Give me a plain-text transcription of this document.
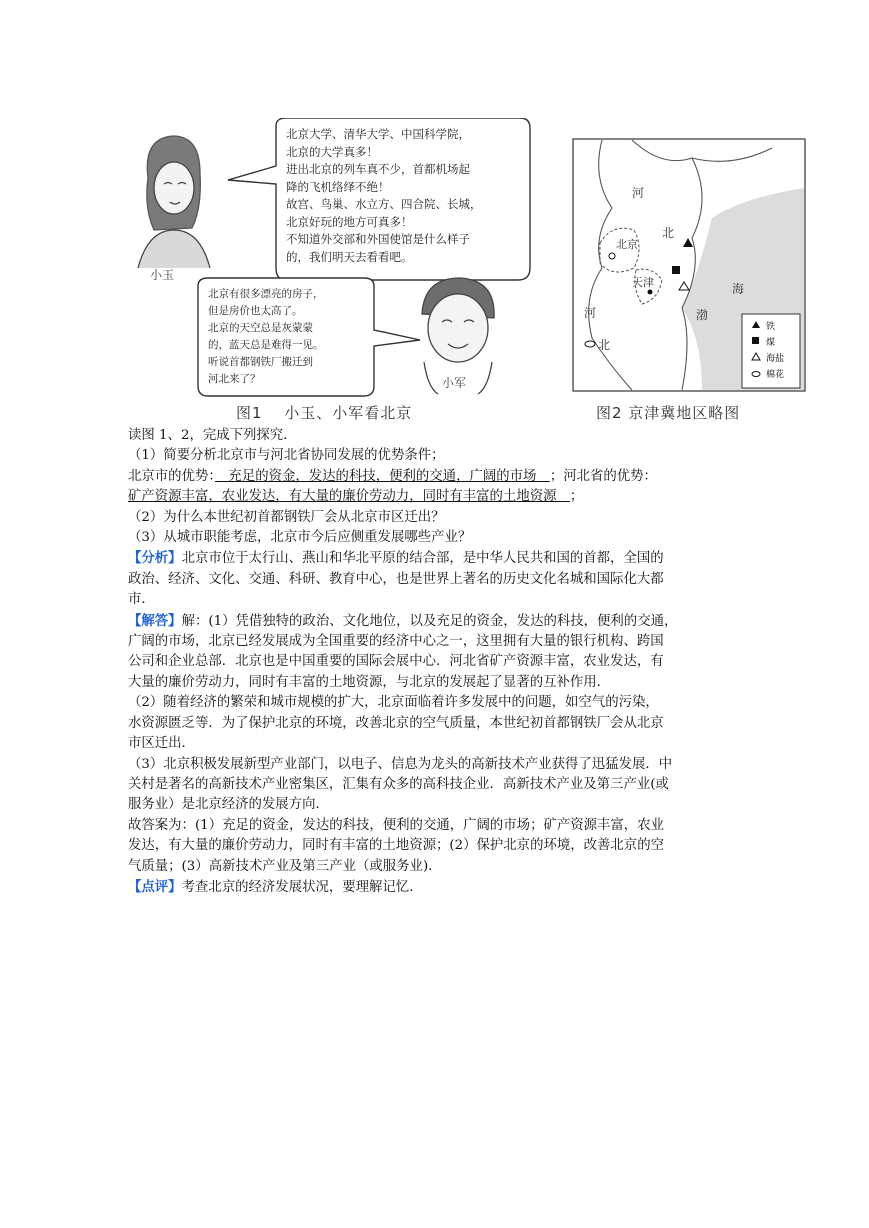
北京大学、清华大学、中国科学院，
北京的大学真多！
进出北京的列车真不少，首都机场起
降的飞机络绎不绝！
故宫、鸟巢、水立方、四合院、长城，
北京好玩的地方可真多！
不知道外交部和外国使馆是什么样子
的，我们明天去看看吧。
北京有很多漂亮的房子，
但是房价也太高了。
北京的天空总是灰蒙蒙
的，蓝天总是难得一见。
听说首都钢铁厂搬迁到
河北来了？
小玉
小军
图1　 小玉、小军看北京
铁
煤
海盐
棉花
河
北
北京
天津	海
河
北
渤
图2 京津冀地区略图
读图 1、2，完成下列探究．
（1）简要分析北京市与河北省协同发展的优势条件；
北京市的优势：　充足的资金，发达的科技，便利的交通，广阔的市场　；河北省的优势：
矿产资源丰富，农业发达，有大量的廉价劳动力，同时有丰富的土地资源　；
（2）为什么本世纪初首都钢铁厂会从北京市区迁出？
（3）从城市职能考虑，北京市今后应侧重发展哪些产业？
【分析】北京市位于太行山、燕山和华北平原的结合部，是中华人民共和国的首都，全国的
政治、经济、文化、交通、科研、教育中心，也是世界上著名的历史文化名城和国际化大都
市．
【解答】解：(1）凭借独特的政治、文化地位，以及充足的资金，发达的科技，便利的交通，
广阔的市场，北京已经发展成为全国重要的经济中心之一，这里拥有大量的银行机构、跨国
公司和企业总部．北京也是中国重要的国际会展中心．河北省矿产资源丰富，农业发达，有
大量的廉价劳动力，同时有丰富的土地资源，与北京的发展起了显著的互补作用．
（2）随着经济的繁荣和城市规模的扩大，北京面临着许多发展中的问题，如空气的污染，
水资源匮乏等．为了保护北京的环境，改善北京的空气质量，本世纪初首都钢铁厂会从北京
市区迁出．
（3）北京积极发展新型产业部门，以电子、信息为龙头的高新技术产业获得了迅猛发展．中
关村是著名的高新技术产业密集区，汇集有众多的高科技企业．高新技术产业及第三产业(或
服务业）是北京经济的发展方向．
故答案为：(1）充足的资金，发达的科技，便利的交通，广阔的市场；矿产资源丰富，农业
发达，有大量的廉价劳动力，同时有丰富的土地资源；(2）保护北京的环境，改善北京的空
气质量；(3）高新技术产业及第三产业（或服务业)．
【点评】考查北京的经济发展状况，要理解记忆．
